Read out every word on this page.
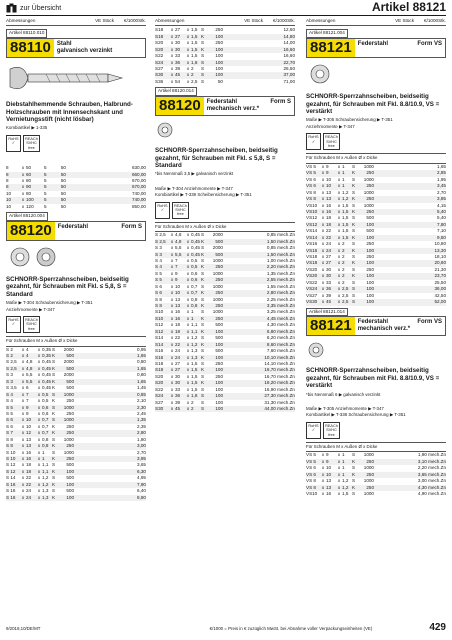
zur Übersicht	Artikel 88121
Abmessungen	VE Stück	€/1000Stk.
Artikel 88110.010
88110	Stahl
galvanisch verzinkt
Diebstahlhemmende Schrauben, Halbrund-Holzschrauben mit Innensechskant und Vernietungsstift (nicht lösbar)
Kombiartikel ▶ 1-335
RoHS
✓
REACh
SVHC
free
8	x 50	5	50	630,00
8	x 60	5	50	660,00
8	x 80	5	50	670,00
8	x 90	5	50	670,00
10	x 80	5	50	740,00
10	x 100	5	50	740,00
10	x 120	5	50	850,00
Artikel 88120.004
88120	Federstahl	Form S
SCHNORR-Sperrzahnscheiben, beidseitig gezahnt, für Schrauben mit Fkl. ≤ 5,8, S = Standard
Maße ▶ T-304 Schraubensicherung ▶ T-351
Anziehmomente ▶ T-347
RoHS
✓
REACh
SVHC
free
Für Schrauben M x Außen Ø x Dicke
S 2	x 4	x 0,35 S	2000	0,95
S 2	x 4	x 0,35 K	500	1,65
S 2,5	x 4,8	x 0,45 S	2000	0,80
S 2,5	x 4,8	x 0,45 K	500	1,65
S 3	x 5,5	x 0,45 S	2000	0,80
S 3	x 5,5	x 0,45 K	500	1,65
S 3,5	x 6	x 0,45 K	500	1,45
S 4	x 7	x 0,5 S	1000	0,85
S 4	x 7	x 0,5 K	250	2,10
S 5	x 9	x 0,6 S	1000	2,30
S 5	x 9	x 0,6 K	250	2,45
S 6	x 10	x 0,7 S	1000	1,35
S 6	x 10	x 0,7 K	250	2,35
S 7	x 12	x 0,7 K	250	2,80
S 8	x 13	x 0,8 S	1000	1,80
S 8	x 13	x 0,8 K	250	3,00
S 10	x 16	x 1	S	1000	2,70
S 10	x 16	x 1	K	250	3,95
S 12	x 18	x 1,1 S	500	3,65
S 12	x 18	x 1,1 K	100	6,30
S 14	x 22	x 1,2 S	500	4,95
S 16	x 22	x 1,2 K	100	7,90
S 16	x 24	x 1,3 S	500	6,40
S 16	x 24	x 1,3 K	100	8,80
Abmessungen	VE Stück	€/1000Stk.
S18	x 27	x 1,5 S	250	12,60
S18	x 27	x 1,5 K	100	14,80
S20	x 30	x 1,5 S	250	14,00
S20	x 30	x 1,5 K	100	16,60
S22	x 33	x 1,5 S	100	16,60
S24	x 36	x 1,8 S	100	22,70
S27	x 39	x 2	S	100	26,50
S30	x 45	x 2	S	100	37,00
S36	x 54	x 2,5 S	50	71,00
Artikel 88120.014
88120	Federstahl	Form S

mechanisch verz.*
SCHNORR-Sperrzahnscheiben, beidseitig gezahnt, für Schrauben mit Fkl. ≤ 5,8, S = Standard
*bis Nennmaß 3,5 ▶ galvanisch verzinkt
Maße ▶ T-304 Anziehmomente ▶ T-347
Kombiartikel ▶ T-339 Scheibensicherung ▶ T-351
RoHS
✓
REACh
SVHC
free
Für Schrauben M x Außen Ø x Dicke
S 2,5	x 4,8	x 0,45 S	2000	0,85 mech.Zn
S 2,5	x 4,8	x 0,45 K	500	1,50 mech.Zn
S 3	x 5,5	x 0,45 S	2000	0,85 mech.Zn
S 3	x 5,5	x 0,45 K	500	1,50 mech.Zn
S 4	x 7	x 0,5 S	1000	1,00 mech.Zn
S 4	x 7	x 0,5 K	250	2,20 mech.Zn
S 5	x 9	x 0,6 S	1000	1,35 mech.Zn
S 5	x 9	x 0,6 K	250	2,55 mech.Zn
S 6	x 10	x 0,7 S	1000	1,55 mech.Zn
S 6	x 10	x 0,7 K	250	2,80 mech.Zn
S 8	x 13	x 0,8 S	1000	2,25 mech.Zn
S 8	x 13	x 0,8 K	250	3,35 mech.Zn
S10	x 16	x 1	S	1000	3,25 mech.Zn
S10	x 16	x 1	K	250	4,45 mech.Zn
S12	x 18	x 1,1 S	500	4,30 mech.Zn
S12	x 18	x 1,1 K	100	6,80 mech.Zn
S14	x 22	x 1,2 S	500	6,20 mech.Zn
S14	x 22	x 1,2 K	100	8,60 mech.Zn
S16	x 24	x 1,3 S	500	7,60 mech.Zn
S16	x 24	x 1,3 K	100	10,10 mech.Zn
S18	x 27	x 1,5 S	250	14,10 mech.Zn
S18	x 27	x 1,5 K	100	16,70 mech.Zn
S20	x 30	x 1,5 S	250	16,70 mech.Zn
S20	x 30	x 1,5 K	100	19,20 mech.Zn
S22	x 33	x 1,5 S	100	16,90 mech.Zn
S24	x 36	x 1,8 S	100	27,30 mech.Zn
S27	x 39	x 2	S	100	31,30 mech.Zn
S30	x 45	x 2	S	100	44,00 mech.Zn
Abmessungen	VE Stück	€/1000Stk.
Artikel 88121.004
88121	Federstahl	Form VS
SCHNORR-Sperrzahnscheiben, beidseitig gezahnt, für Schrauben mit Fkl. 8.8/10.9, VS = verstärkt
Maße ▶ T-305 Schraubensicherung ▶ T-351
Anziehmomente ▶ T-347
RoHS
✓
REACh
SVHC
free
Für Schrauben M x Außen Ø x Dicke
VS 5	x 9	x 1	S	1000	1,65
VS 5	x 9	x 1	K	250	2,85
VS 6	x 10	x 1	S	1000	1,95
VS 6	x 10	x 1	K	250	3,45
VS 8	x 13	x 1,2 S	1000	2,70
VS 8	x 13	x 1,2 K	250	3,85
VS10 x 16	x 1,5 S	1000	4,15
VS10 x 16	x 1,5 K	250	5,40
VS12 x 18	x 1,5 S	500	5,40
VS12 x 18	x 1,5 K	100	7,80
VS14 x 22	x 1,5 S	500	7,10
VS14 x 22	x 1,5 K	100	9,50
VS16 x 24	x 2	S	250	10,80
VS16 x 24	x 2	K	100	13,30
VS18 x 27	x 2	S	250	18,10
VS18 x 27	x 2	K	100	20,60
VS20 x 30	x 2	S	250	21,30
VS20 x 30	x 2	K	100	23,70
VS22 x 33	x 2	S	100	25,50
VS24 x 36	x 2,5 S	100	36,00
VS27 x 39	x 2,5 S	100	42,50
VS30 x 45	x 2,5 S	100	52,00
Artikel 88121.014
88121	Federstahl	Form VS

mechanisch verz.*
SCHNORR-Sperrzahnscheiben, beidseitig gezahnt, für Schrauben mit Fkl. 8.8/10.9, VS = verstärkt
*bis Nennmaß 6 ▶ galvanisch verzinkt
Maße ▶ T-305 Anziehmomente ▶ T-347
Kombiartikel ▶ T-338 Schraubensicherung ▶ T-351
RoHS
✓
REACh
SVHC
free
Für Schrauben M x Außen Ø x Dicke
VS 5	x 9	x 1	S	1000	1,90 mech.Zn
VS 5	x 9	x 1	K	250	3,10 mech.Zn
VS 6	x 10	x 1	S	1000	2,20 mech.Zn
VS 6	x 10	x 1	K	250	3,65 mech.Zn
VS 8	x 13	x 1,2 S	1000	3,00 mech.Zn
VS 8	x 13	x 1,2 K	250	4,30 mech.Zn
VS10 x 16	x 1,5 S	1000	4,90 mech.Zn
9/2019,10/DE/MT	€/1000 = Preis in € zuzüglich MwSt. bei Abnahme voller Verpackungseinheiten (VE)	429
